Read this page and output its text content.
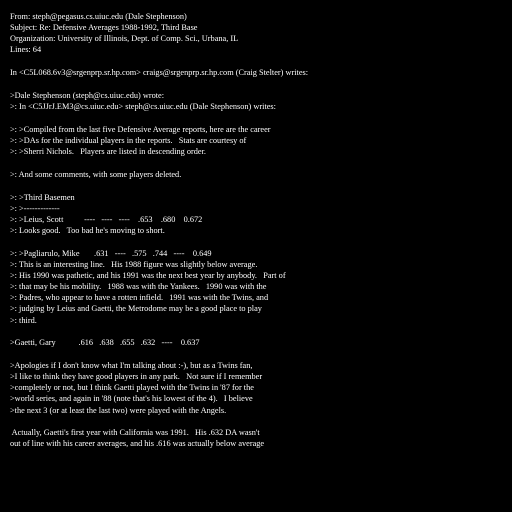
From: steph@pegasus.cs.uiuc.edu (Dale Stephenson)
Subject: Re: Defensive Averages 1988-1992, Third Base
Organization: University of Illinois, Dept. of Comp. Sci., Urbana, IL
Lines: 64
In <C5L068.6v3@srgenprp.sr.hp.com> craigs@srgenprp.sr.hp.com (Craig Stelter) writes:
>Dale Stephenson (steph@cs.uiuc.edu) wrote:
>: In <C5JJrJ.EM3@cs.uiuc.edu> steph@cs.uiuc.edu (Dale Stephenson) writes:
>: >Compiled from the last five Defensive Average reports, here are the career
>: >DAs for the individual players in the reports.   Stats are courtesy of
>: >Sherri Nichols.   Players are listed in descending order.
>: And some comments, with some players deleted.
>: >Third Basemen
>: >-------------
>: >Leius, Scott          ----   ----   ----    .653    .680    0.672
>: Looks good.   Too bad he's moving to short.
>: >Pagliarulo, Mike       .631   ----   .575   .744   ----    0.649
>: This is an interesting line.   His 1988 figure was slightly below average.
>: His 1990 was pathetic, and his 1991 was the next best year by anybody.   Part of
>: that may be his mobility.   1988 was with the Yankees.   1990 was with the
>: Padres, who appear to have a rotten infield.   1991 was with the Twins, and
>: judging by Leius and Gaetti, the Metrodome may be a good place to play
>: third.
>Gaetti, Gary           .616   .638   .655   .632   ----    0.637
>Apologies if I don't know what I'm talking about :-), but as a Twins fan,
>I like to think they have good players in any park.   Not sure if I remember
>completely or not, but I think Gaetti played with the Twins in '87 for the
>world series, and again in '88 (note that's his lowest of the 4).   I believe
>the next 3 (or at least the last two) were played with the Angels.
Actually, Gaetti's first year with California was 1991.   His .632 DA wasn't
out of line with his career averages, and his .616 was actually below average
